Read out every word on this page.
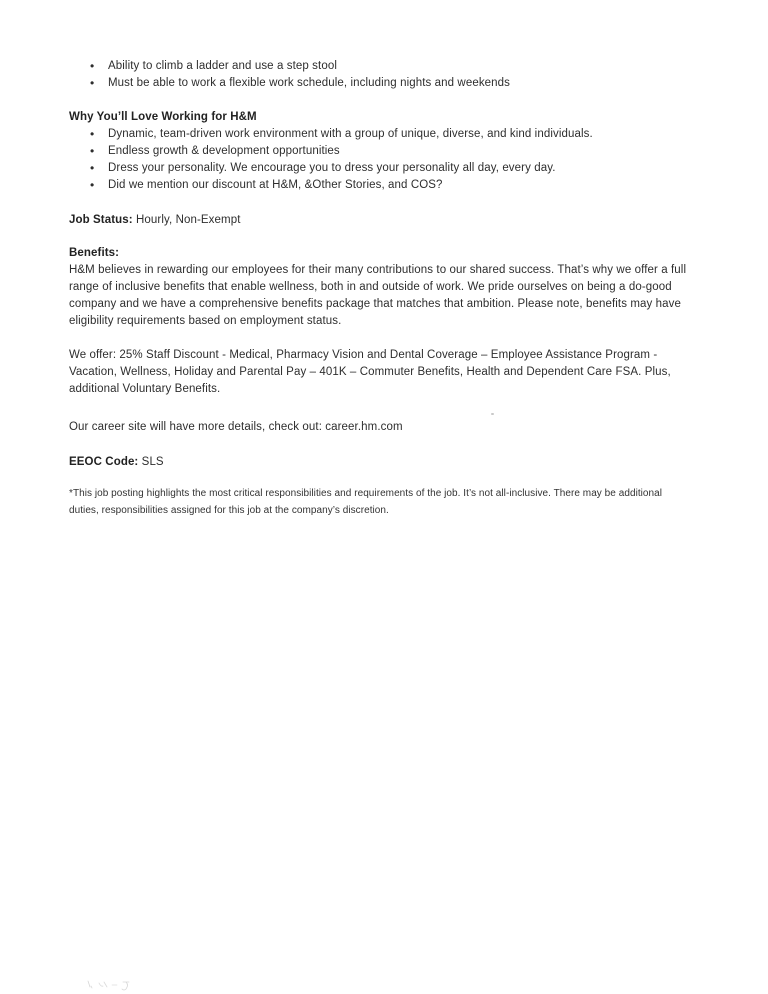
• Ability to climb a ladder and use a step stool
• Must be able to work a flexible work schedule, including nights and weekends
Why You’ll Love Working for H&M
• Dynamic, team-driven work environment with a group of unique, diverse, and kind individuals.
• Endless growth & development opportunities
• Dress your personality. We encourage you to dress your personality all day, every day.
• Did we mention our discount at H&M, &Other Stories, and COS?
Job Status: Hourly, Non-Exempt
Benefits:
H&M believes in rewarding our employees for their many contributions to our shared success. That’s why we offer a full range of inclusive benefits that enable wellness, both in and outside of work. We pride ourselves on being a do-good company and we have a comprehensive benefits package that matches that ambition. Please note, benefits may have eligibility requirements based on employment status.
We offer: 25% Staff Discount - Medical, Pharmacy Vision and Dental Coverage – Employee Assistance Program - Vacation, Wellness, Holiday and Parental Pay – 401K – Commuter Benefits, Health and Dependent Care FSA. Plus, additional Voluntary Benefits.
Our career site will have more details, check out: career.hm.com
EEOC Code: SLS
*This job posting highlights the most critical responsibilities and requirements of the job. It’s not all-inclusive. There may be additional duties, responsibilities assigned for this job at the company’s discretion.
